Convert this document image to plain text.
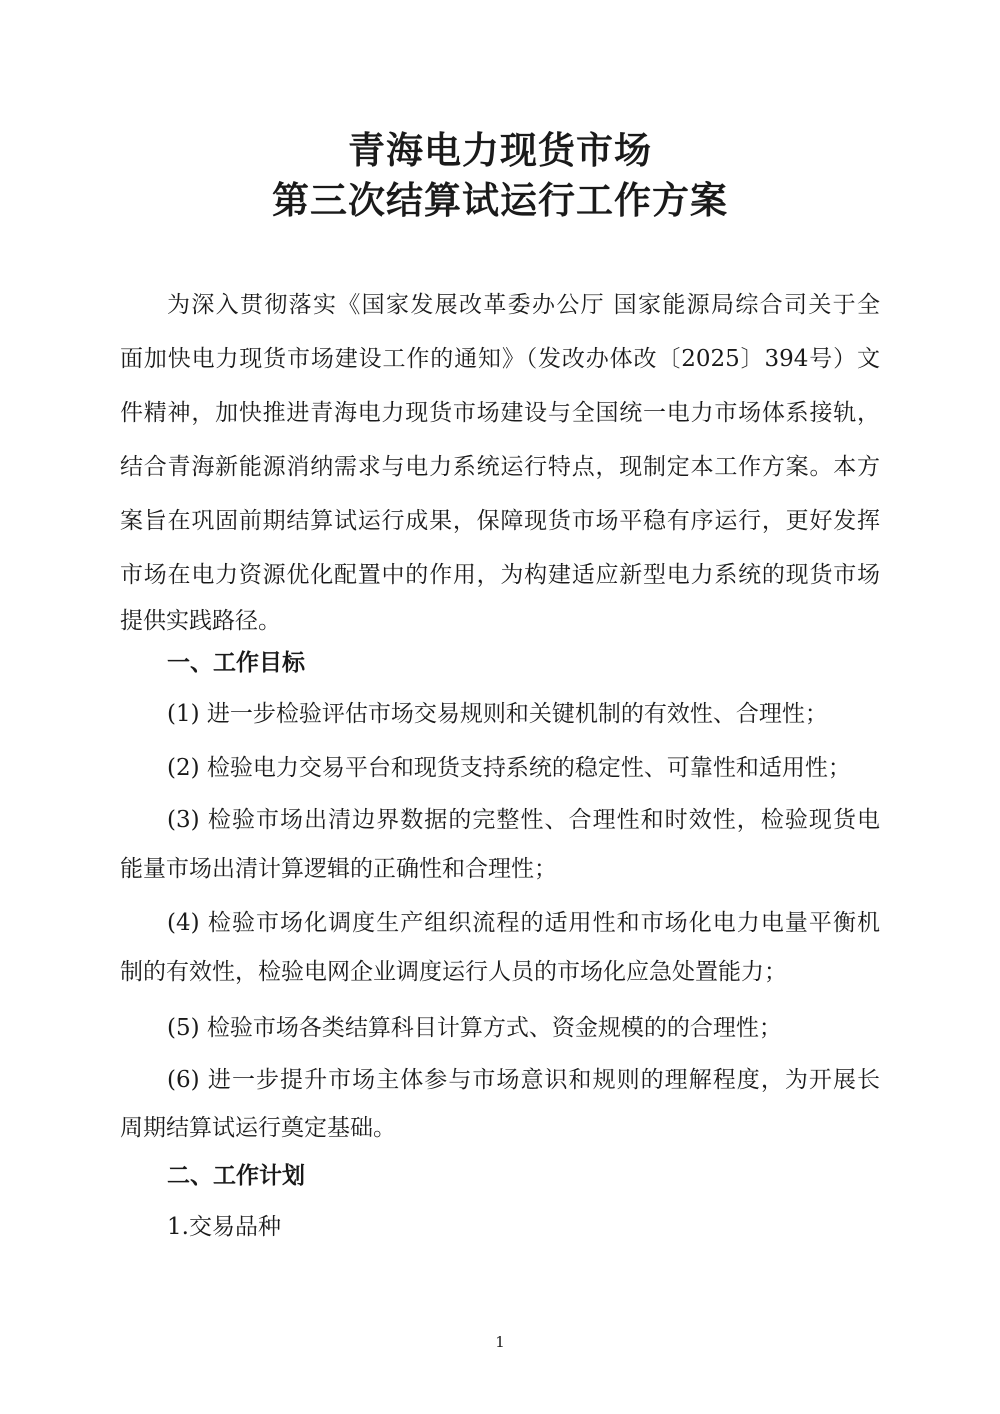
青海电力现货市场
第三次结算试运行工作方案
为深入贯彻落实《国家发展改革委办公厅 国家能源局综合司关于全
面加快电力现货市场建设工作的通知》（发改办体改〔2025〕394号）文
件精神，加快推进青海电力现货市场建设与全国统一电力市场体系接轨，
结合青海新能源消纳需求与电力系统运行特点，现制定本工作方案。本方
案旨在巩固前期结算试运行成果，保障现货市场平稳有序运行，更好发挥
市场在电力资源优化配置中的作用，为构建适应新型电力系统的现货市场
提供实践路径。
一、工作目标
(1) 进一步检验评估市场交易规则和关键机制的有效性、合理性；
(2) 检验电力交易平台和现货支持系统的稳定性、可靠性和适用性；
(3) 检验市场出清边界数据的完整性、合理性和时效性，检验现货电
能量市场出清计算逻辑的正确性和合理性；
(4) 检验市场化调度生产组织流程的适用性和市场化电力电量平衡机
制的有效性，检验电网企业调度运行人员的市场化应急处置能力；
(5) 检验市场各类结算科目计算方式、资金规模的的合理性；
(6) 进一步提升市场主体参与市场意识和规则的理解程度，为开展长
周期结算试运行奠定基础。
二、工作计划
1.交易品种
1
